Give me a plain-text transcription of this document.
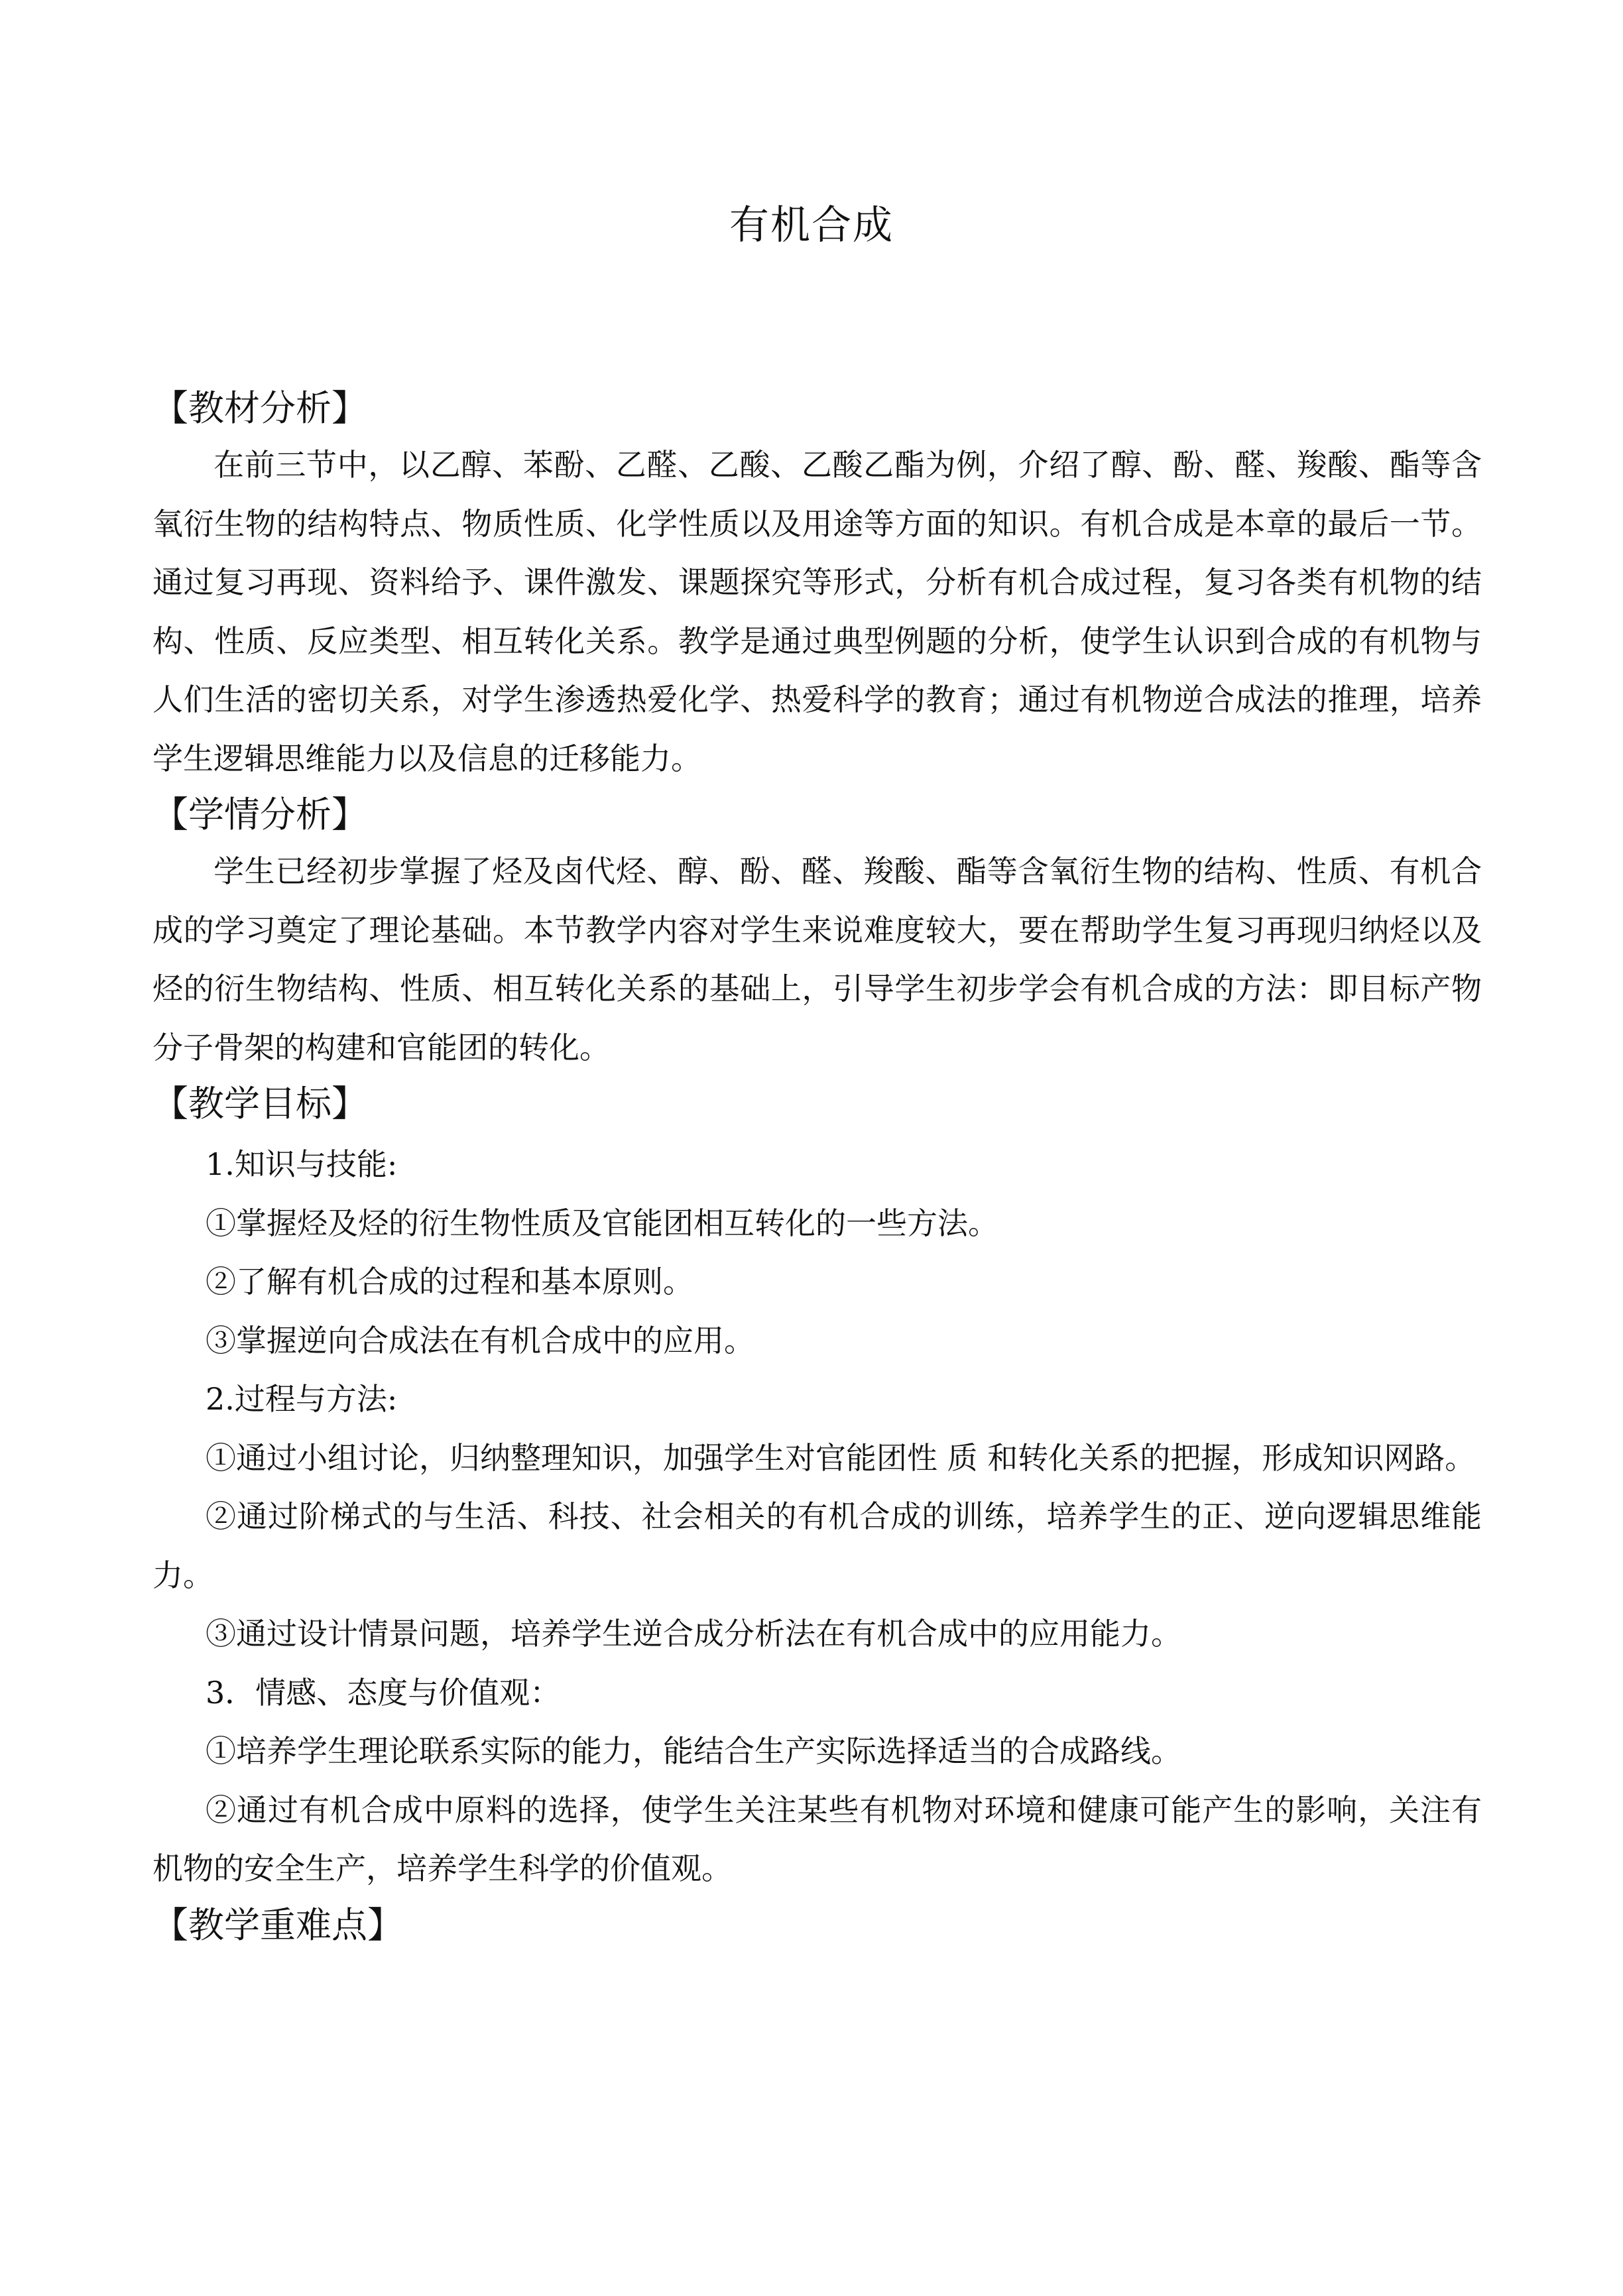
有机合成

【教材分析】

在前三节中，以乙醇、苯酚、乙醛、乙酸、乙酸乙酯为例，介绍了醇、酚、醛、羧酸、酯等含氧衍生物的结构特点、物质性质、化学性质以及用途等方面的知识。有机合成是本章的最后一节。通过复习再现、资料给予、课件激发、课题探究等形式，分析有机合成过程，复习各类有机物的结构、性质、反应类型、相互转化关系。教学是通过典型例题的分析，使学生认识到合成的有机物与人们生活的密切关系，对学生渗透热爱化学、热爱科学的教育；通过有机物逆合成法的推理，培养学生逻辑思维能力以及信息的迁移能力。

【学情分析】

学生已经初步掌握了烃及卤代烃、醇、酚、醛、羧酸、酯等含氧衍生物的结构、性质、有机合成的学习奠定了理论基础。本节教学内容对学生来说难度较大，要在帮助学生复习再现归纳烃以及烃的衍生物结构、性质、相互转化关系的基础上，引导学生初步学会有机合成的方法：即目标产物分子骨架的构建和官能团的转化。

【教学目标】

1.知识与技能:

①掌握烃及烃的衍生物性质及官能团相互转化的一些方法。

②了解有机合成的过程和基本原则。

③掌握逆向合成法在有机合成中的应用。

2.过程与方法:

①通过小组讨论，归纳整理知识，加强学生对官能团性 质 和转化关系的把握，形成知识网路。

②通过阶梯式的与生活、科技、社会相关的有机合成的训练，培养学生的正、逆向逻辑思维能力。

③通过设计情景问题，培养学生逆合成分析法在有机合成中的应用能力。

3．情感、态度与价值观：

①培养学生理论联系实际的能力，能结合生产实际选择适当的合成路线。

②通过有机合成中原料的选择，使学生关注某些有机物对环境和健康可能产生的影响，关注有机物的安全生产，培养学生科学的价值观。

【教学重难点】
